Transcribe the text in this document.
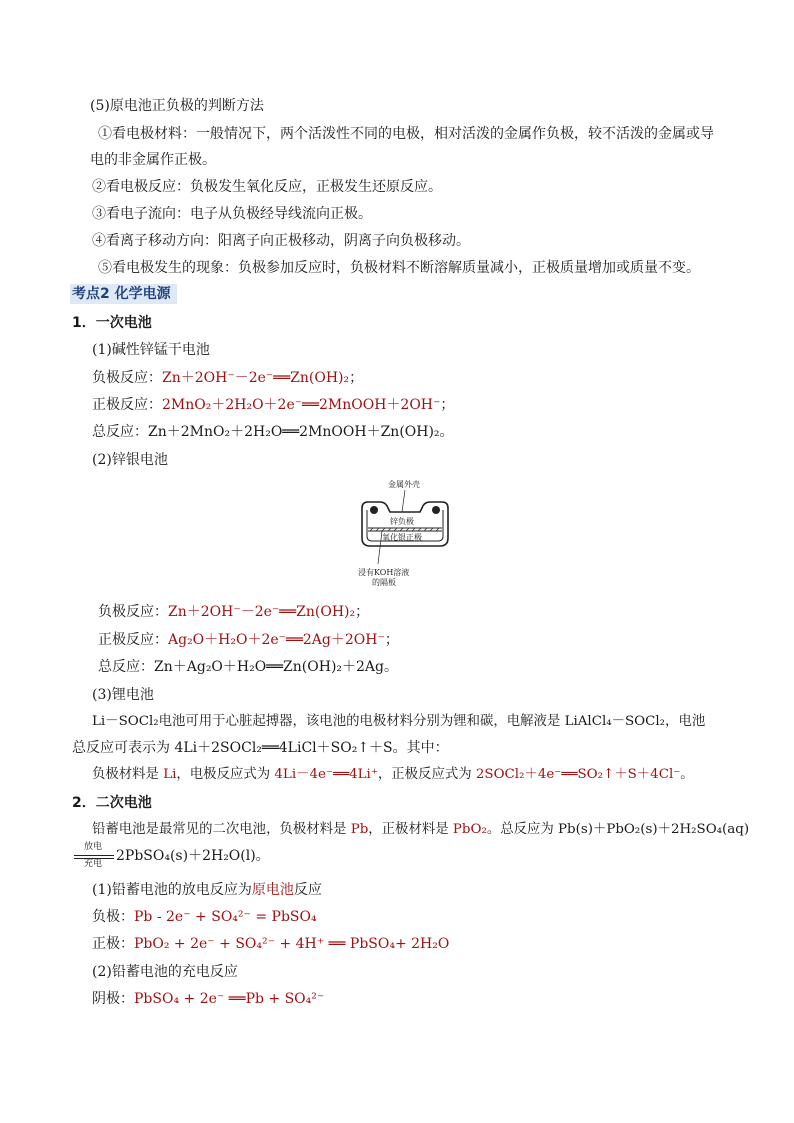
(5)原电池正负极的判断方法
①看电极材料：一般情况下，两个活泼性不同的电极，相对活泼的金属作负极，较不活泼的金属或导
电的非金属作正极。
②看电极反应：负极发生氧化反应，正极发生还原反应。
③看电子流向：电子从负极经导线流向正极。
④看离子移动方向：阳离子向正极移动，阴离子向负极移动。
⑤看电极发生的现象：负极参加反应时，负极材料不断溶解质量减小，正极质量增加或质量不变。
考点2 化学电源
1．一次电池
(1)碱性锌锰干电池
负极反应：Zn＋2OH⁻－2e⁻══Zn(OH)₂；
正极反应：2MnO₂＋2H₂O＋2e⁻══2MnOOH＋2OH⁻；
总反应：Zn＋2MnO₂＋2H₂O══2MnOOH＋Zn(OH)₂。
(2)锌银电池
金属外壳
锌负极
氧化银正极
浸有KOH溶液
的隔板
负极反应：Zn＋2OH⁻－2e⁻══Zn(OH)₂；
正极反应：Ag₂O＋H₂O＋2e⁻══2Ag＋2OH⁻；
总反应：Zn＋Ag₂O＋H₂O══Zn(OH)₂＋2Ag。
(3)锂电池
Li－SOCl₂电池可用于心脏起搏器，该电池的电极材料分别为锂和碳，电解液是 LiAlCl₄－SOCl₂，电池
总反应可表示为 4Li＋2SOCl₂══4LiCl＋SO₂↑＋S。其中：
负极材料是 Li，电极反应式为 4Li－4e⁻══4Li⁺，正极反应式为 2SOCl₂＋4e⁻══SO₂↑＋S＋4Cl⁻。
2．二次电池
铅蓄电池是最常见的二次电池，负极材料是 Pb，正极材料是 PbO₂。总反应为 Pb(s)＋PbO₂(s)＋2H₂SO₄(aq)
放电
充电 2PbSO₄(s)＋2H₂O(l)。
(1)铅蓄电池的放电反应为原电池反应
负极：Pb - 2e⁻ + SO₄²⁻ = PbSO₄
正极：PbO₂ + 2e⁻ + SO₄²⁻ + 4H⁺ ══ PbSO₄+ 2H₂O
(2)铅蓄电池的充电反应
阴极：PbSO₄ + 2e⁻ ══Pb + SO₄²⁻
